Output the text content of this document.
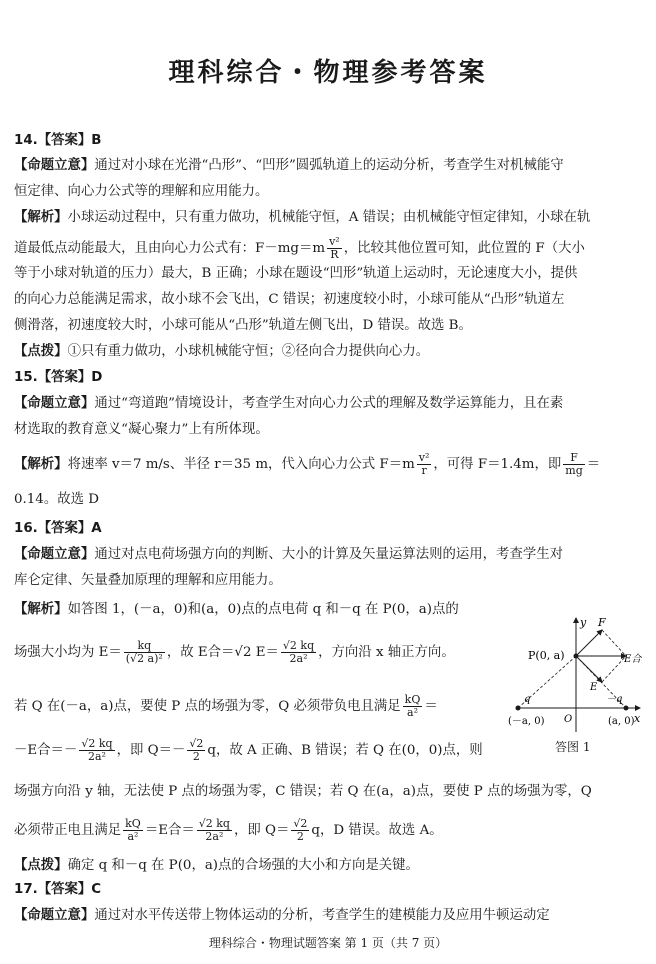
理科综合・物理参考答案
14.【答案】B
【命题立意】通过对小球在光滑“凸形”、“凹形”圆弧轨道上的运动分析，考查学生对机械能守
恒定律、向心力公式等的理解和应用能力。
【解析】小球运动过程中，只有重力做功，机械能守恒，A 错误；由机械能守恒定律知，小球在轨
道最低点动能最大，且由向心力公式有：$F-mg=m \frac{\text{v²}}{R}$ ，比较其他位置可知，此位置的 F（大小
等于小球对轨道的压力）最大，B 正确；小球在题设“凹形”轨道上运动时，无论速度大小，提供
的向心力总能满足需求，故小球不会飞出，C 错误；初速度较小时，小球可能从“凸形”轨道左
侧滑落，初速度较大时，小球可能从“凸形”轨道左侧飞出，D 错误。故选 B。
【点拨】①只有重力做功，小球机械能守恒；②径向合力提供向心力。
15.【答案】D
【命题立意】通过“弯道跑”情境设计，考查学生对向心力公式的理解及数学运算能力，且在素
材选取的教育意义“凝心聚力”上有所体现。
【解析】将速率 v＝7 m/s、半径 r＝35 m，代入向心力公式 $F=m \frac{\text{v²}}{r}$ ，可得 F＝1.4m，即 $\frac{F}{mg}$ ＝
0.14。故选 D
16.【答案】A
【命题立意】通过对点电荷场强方向的判断、大小的计算及矢量运算法则的运用，考查学生对
库仑定律、矢量叠加原理的理解和应用能力。
【解析】如答图 1，(－a，0)和(a，0)点的点电荷 q 和－q 在 P(0，a)点的
场强大小均为 $E= \frac{kq}{\text{(√2 a)²}}$ ，故 E合＝√2 $E= \frac{√2 kq}{\text{2a²}}$ ，方向沿 x 轴正方向。
若 Q 在(－a，a)点，要使 P 点的场强为零，Q 必须带负电且满足 $\frac{kQ}{\text{a²}}$ ＝
－E合＝－ $\frac{√2 kq}{\text{2a²}}$ ，即 $Q=- \frac{√2}{2}$ q，故 A 正确、B 错误；若 Q 在(0，0)点，则
场强方向沿 y 轴，无法使 P 点的场强为零，C 错误；若 Q 在(a，a)点，要使 P 点的场强为零，Q
必须带正电且满足 $\frac{kQ}{\text{a²}} =E$合＝ $\frac{√2 kq}{\text{2a²}}$ ，即 $Q= \frac{√2}{2}$ q，D 错误。故选 A。
【点拨】确定 q 和－q 在 P(0，a)点的合场强的大小和方向是关键。
17.【答案】C
【命题立意】通过对水平传送带上物体运动的分析，考查学生的建模能力及应用牛顿运动定
y
x
F
P(0, a)	E合
E
q	－q
(－a, 0) O	(a, 0)
答图 1
理科综合・物理试题答案 第 1 页（共 7 页）
